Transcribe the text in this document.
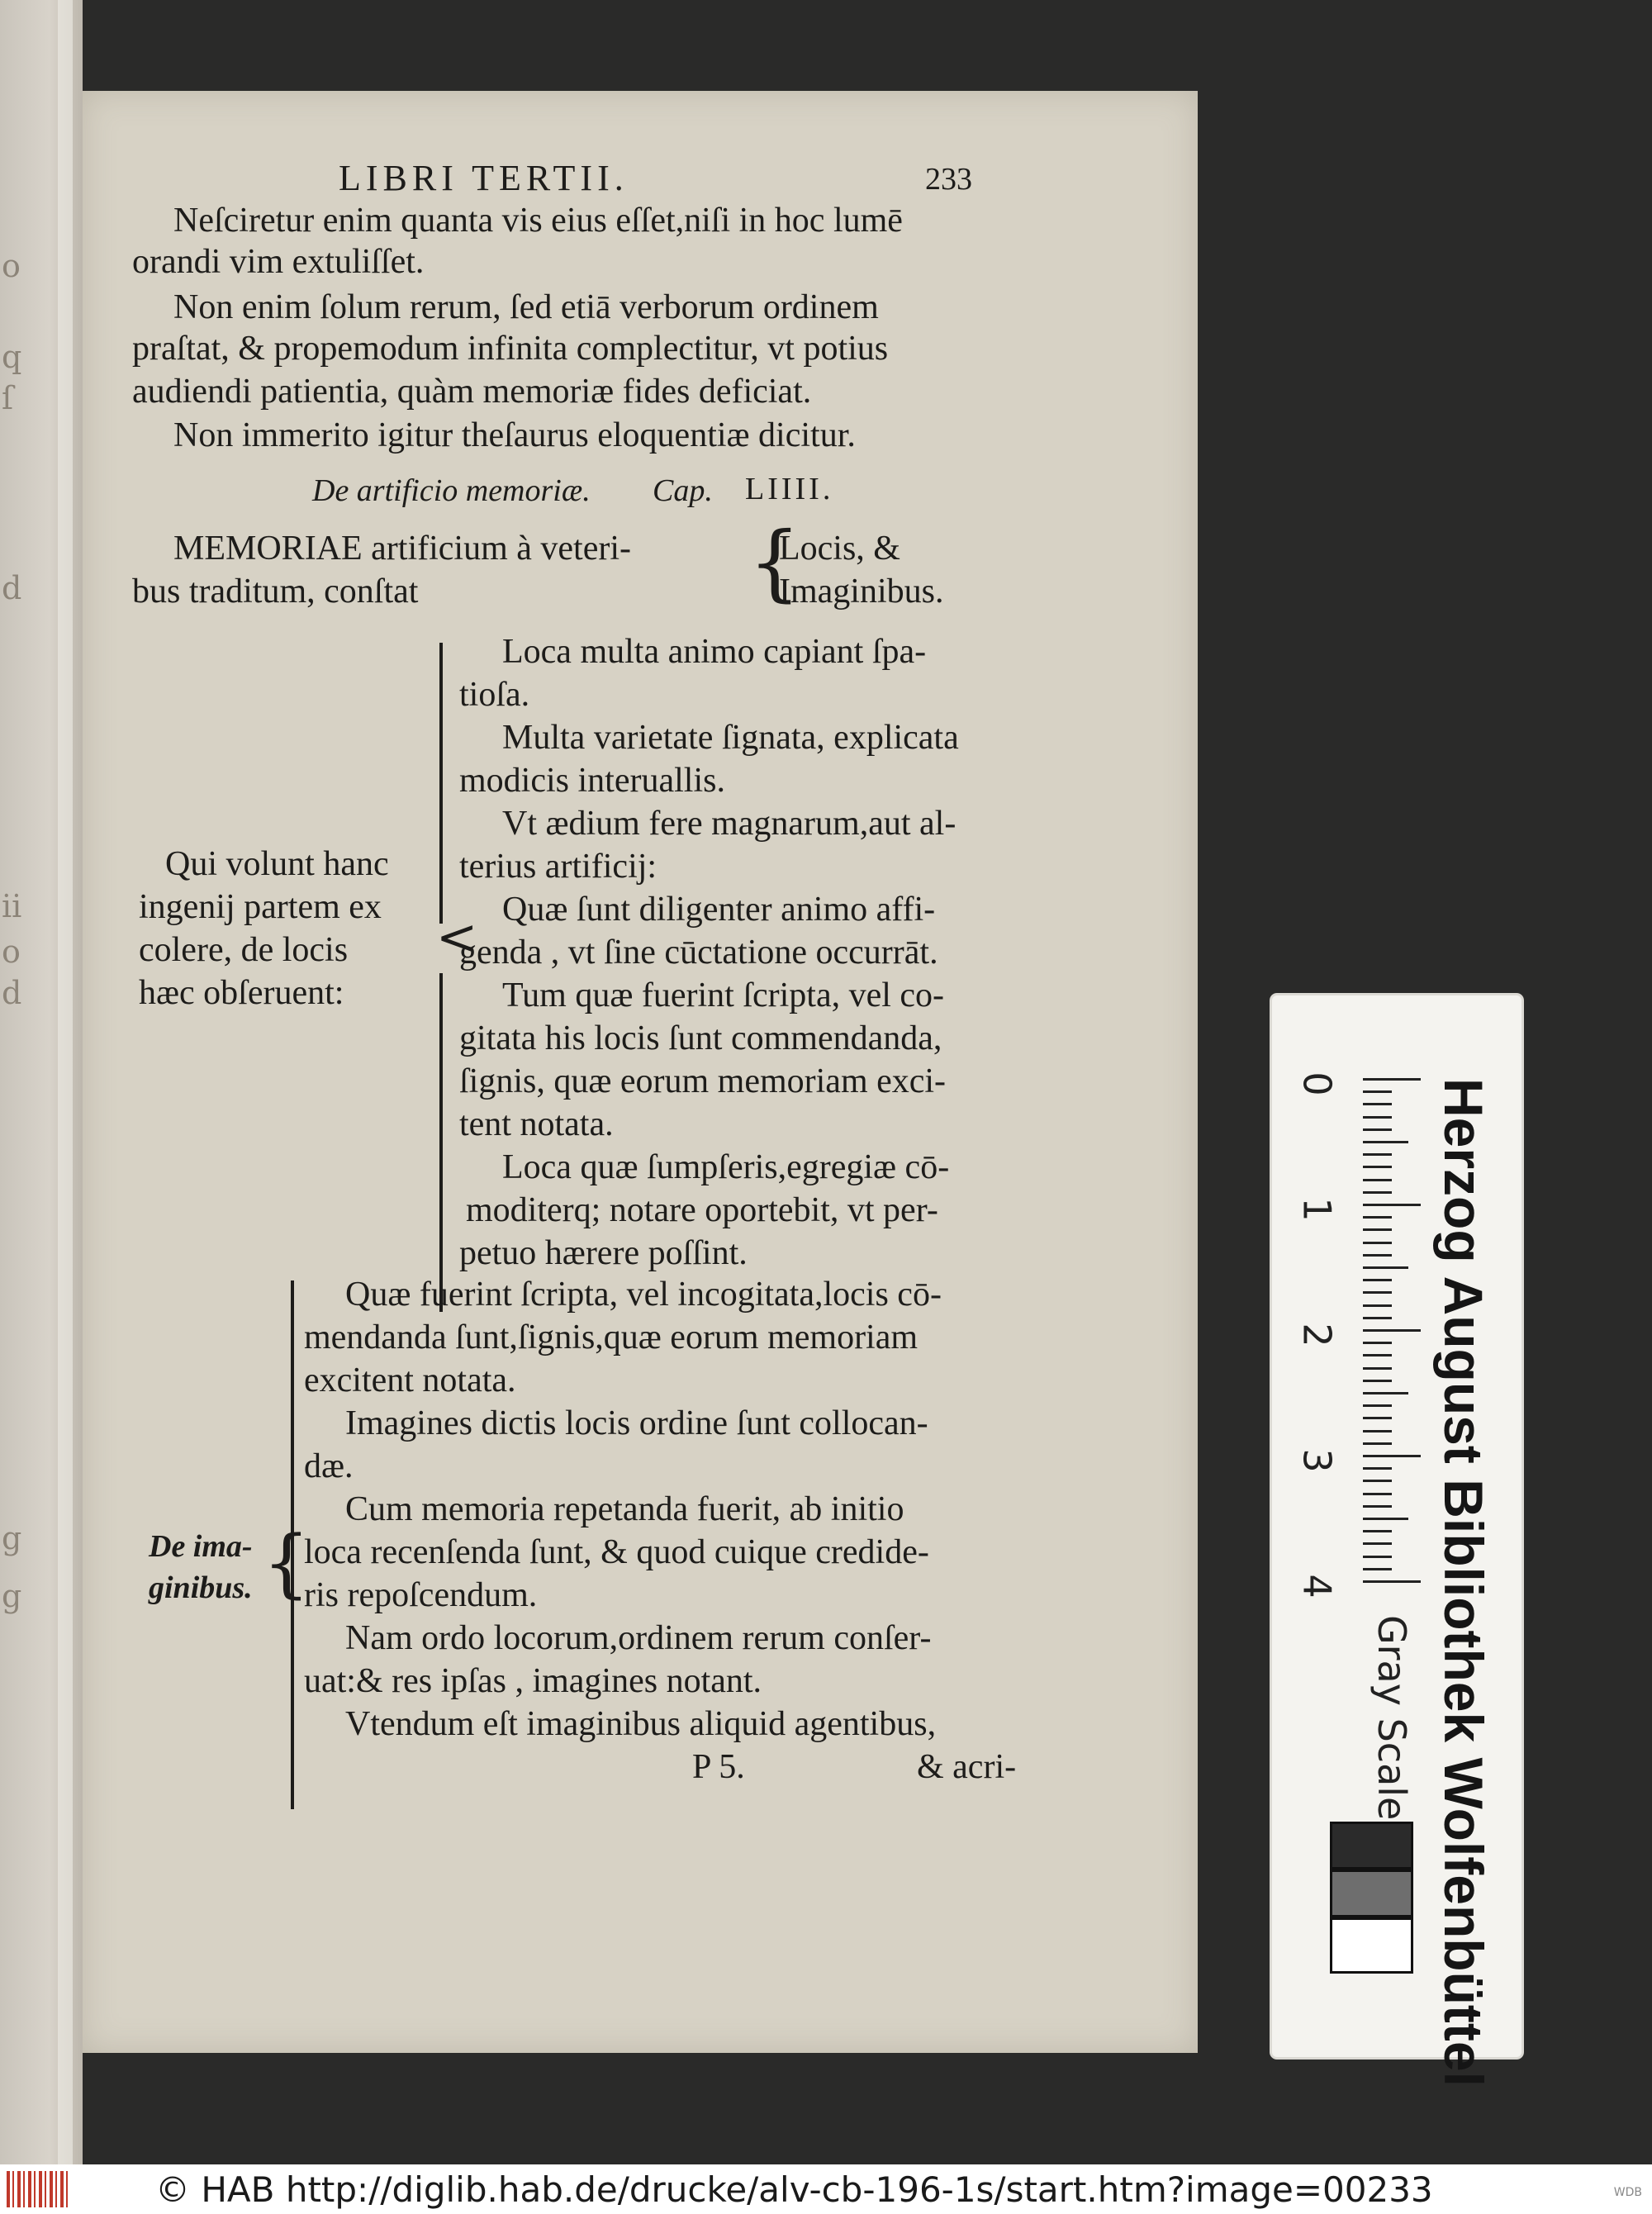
o
q
ſ
d
ii
o
d
g
g
LIBRI TERTII.	233
Neſciretur enim quanta vis eius eſſet,niſi in hoc lumē
orandi vim extuliſſet.
Non enim ſolum rerum, ſed etiā verborum ordinem
praſtat, & propemodum infinita complectitur, vt potius
audiendi patientia, quàm memoriæ fides deficiat.
Non immerito igitur theſaurus eloquentiæ dicitur.
De artificio memoriæ. Cap. LIIII.
MEMORIAE artificium à veteri-
bus traditum, conſtat	{
Locis, &
Imaginibus.
Qui volunt hanc
ingenij partem ex
colere, de locis
hæc obſeruent:
<
Loca multa animo capiant ſpa-
tioſa.
Multa varietate ſignata, explicata
modicis interuallis.
Vt ædium fere magnarum,aut al-
terius artificij:
Quæ ſunt diligenter animo affi-
genda , vt ſine cūctatione occurrāt.
Tum quæ fuerint ſcripta, vel co-
gitata his locis ſunt commendanda,
ſignis, quæ eorum memoriam exci-
tent notata.
Loca quæ ſumpſeris,egregiæ cō-
moditerq; notare oportebit, vt per-
petuo hærere poſſint.
De ima-
ginibus. {
Quæ fuerint ſcripta, vel incogitata,locis cō-
mendanda ſunt,ſignis,quæ eorum memoriam
excitent notata.
Imagines dictis locis ordine ſunt collocan-
dæ.
Cum memoria repetanda fuerit, ab initio
loca recenſenda ſunt, & quod cuique credide-
ris repoſcendum.
Nam ordo locorum,ordinem rerum conſer-
uat:& res ipſas , imagines notant.
Vtendum eſt imaginibus aliquid agentibus,
P 5.	& acri-
0
1
2
3
4 Herzog August Bibliothek Wolfenbüttel
Gray Scale
© HAB http://diglib.hab.de/drucke/alv-cb-196-1s/start.htm?image=00233	WDB
